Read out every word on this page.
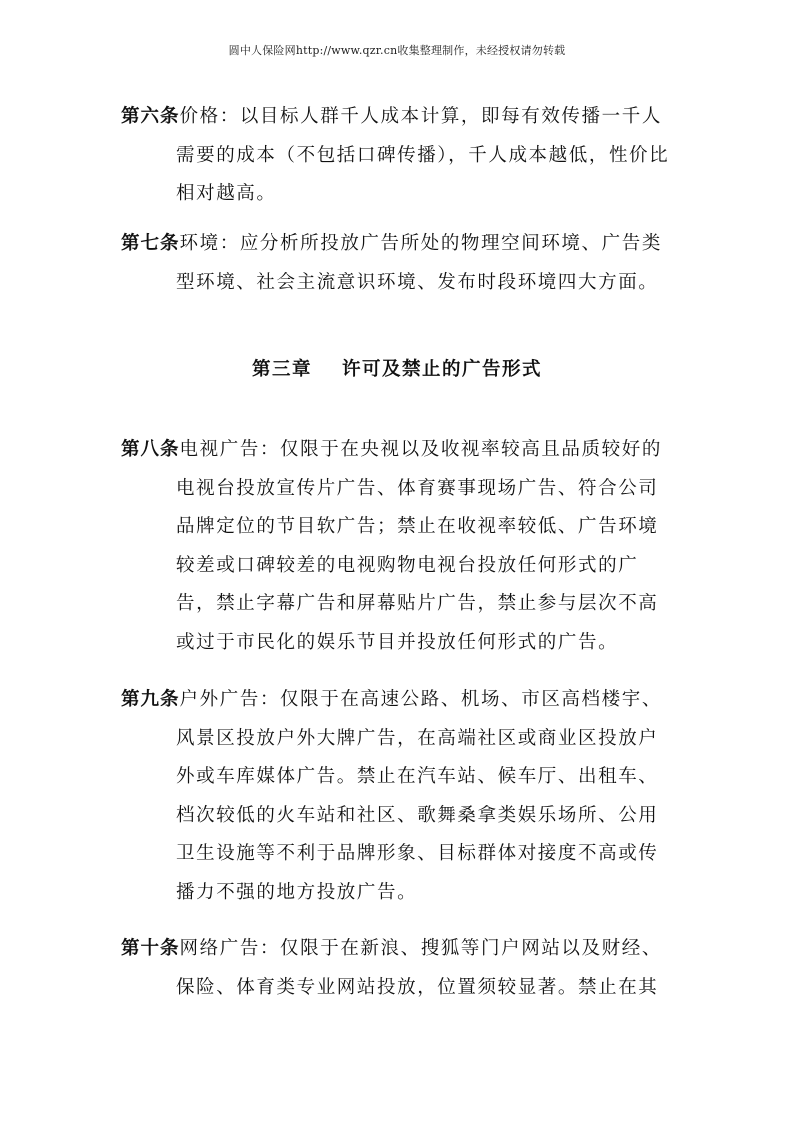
圆中人保险网http://www.qzr.cn收集整理制作，未经授权请勿转载
第六条价格：以目标人群千人成本计算，即每有效传播一千人
需要的成本（不包括口碑传播），千人成本越低，性价比
相对越高。
第七条环境：应分析所投放广告所处的物理空间环境、广告类
型环境、社会主流意识环境、发布时段环境四大方面。
第三章 许可及禁止的广告形式
第八条电视广告：仅限于在央视以及收视率较高且品质较好的
电视台投放宣传片广告、体育赛事现场广告、符合公司
品牌定位的节目软广告；禁止在收视率较低、广告环境
较差或口碑较差的电视购物电视台投放任何形式的广
告，禁止字幕广告和屏幕贴片广告，禁止参与层次不高
或过于市民化的娱乐节目并投放任何形式的广告。
第九条户外广告：仅限于在高速公路、机场、市区高档楼宇、
风景区投放户外大牌广告，在高端社区或商业区投放户
外或车库媒体广告。禁止在汽车站、候车厅、出租车、
档次较低的火车站和社区、歌舞桑拿类娱乐场所、公用
卫生设施等不利于品牌形象、目标群体对接度不高或传
播力不强的地方投放广告。
第十条网络广告：仅限于在新浪、搜狐等门户网站以及财经、
保险、体育类专业网站投放，位置须较显著。禁止在其
